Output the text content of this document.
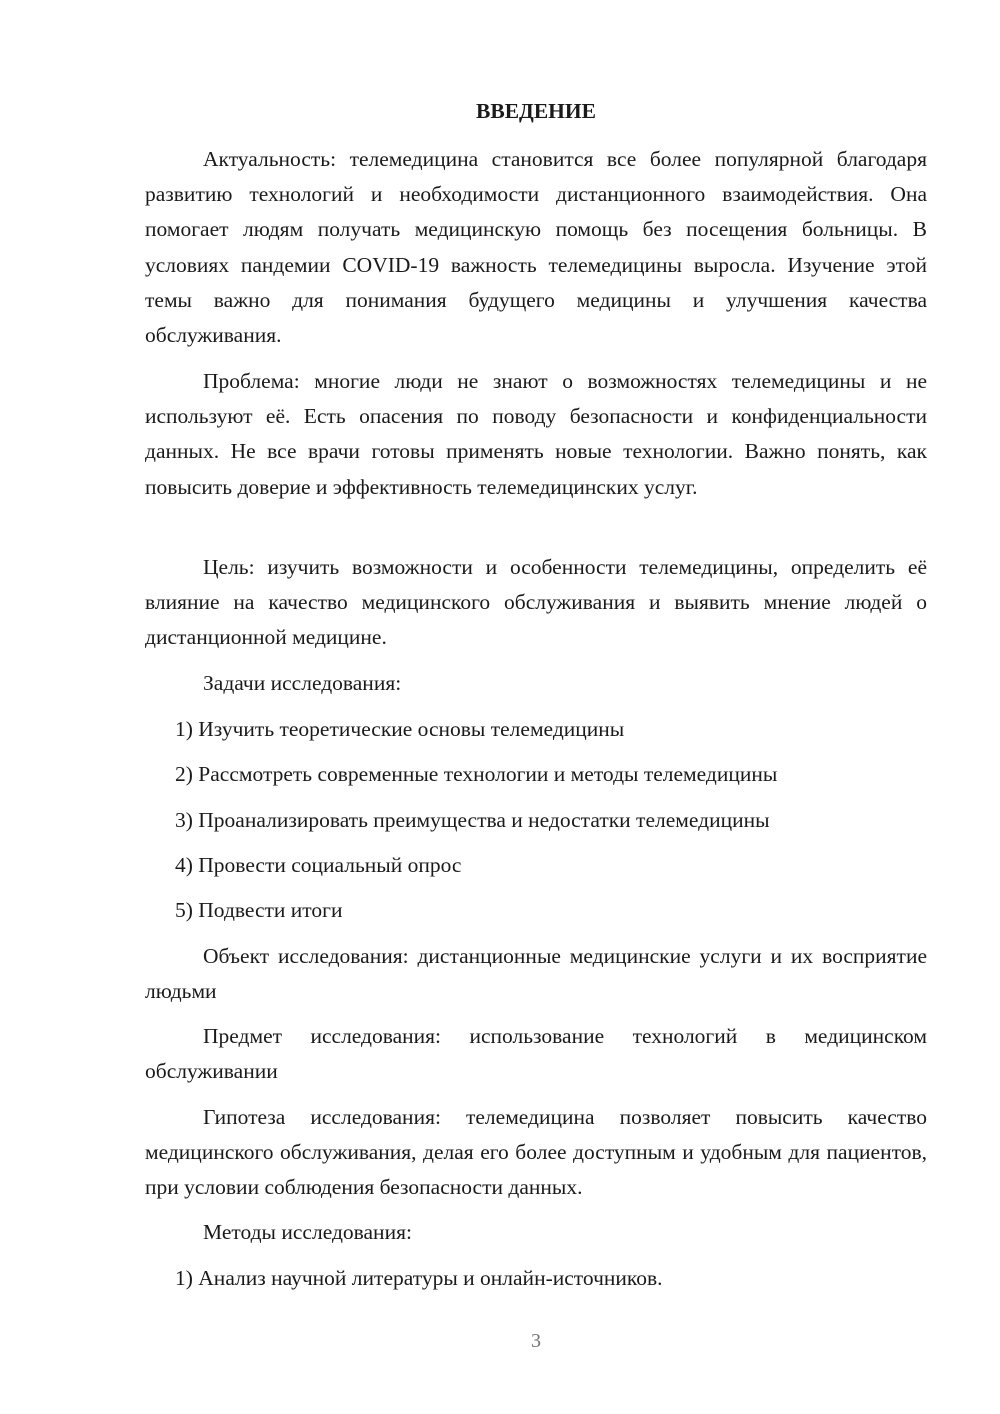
ВВЕДЕНИЕ

Актуальность: телемедицина становится все более популярной благодаря развитию технологий и необходимости дистанционного взаимодействия. Она помогает людям получать медицинскую помощь без посещения больницы. В условиях пандемии COVID-19 важность телемедицины выросла. Изучение этой темы важно для понимания будущего медицины и улучшения качества обслуживания.

Проблема: многие люди не знают о возможностях телемедицины и не используют её. Есть опасения по поводу безопасности и конфиденциальности данных. Не все врачи готовы применять новые технологии. Важно понять, как повысить доверие и эффективность телемедицинских услуг.

Цель: изучить возможности и особенности телемедицины, определить её влияние на качество медицинского обслуживания и выявить мнение людей о дистанционной медицине.

Задачи исследования:

1) Изучить теоретические основы телемедицины

2) Рассмотреть современные технологии и методы телемедицины

3) Проанализировать преимущества и недостатки телемедицины

4) Провести социальный опрос

5) Подвести итоги

Объект исследования: дистанционные медицинские услуги и их восприятие людьми

Предмет исследования: использование технологий в медицинском обслуживании

Гипотеза исследования: телемедицина позволяет повысить качество медицинского обслуживания, делая его более доступным и удобным для пациентов, при условии соблюдения безопасности данных.

Методы исследования:

1) Анализ научной литературы и онлайн-источников.

3
